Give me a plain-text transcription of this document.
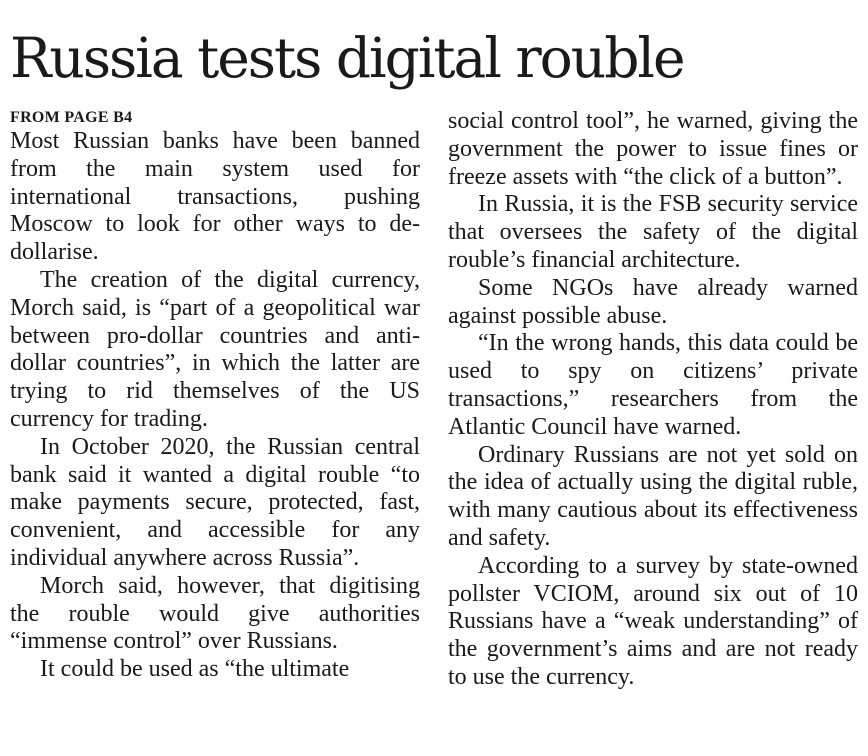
Russia tests digital rouble
FROM PAGE B4

Most Russian banks have been banned from the main system used for international transactions, pushing Moscow to look for other ways to de-dollarise.

The creation of the digital currency, Morch said, is “part of a geopolitical war between pro-dollar countries and anti-dollar countries”, in which the latter are trying to rid themselves of the US currency for trading.

In October 2020, the Russian central bank said it wanted a digital rouble “to make payments secure, protected, fast, convenient, and accessible for any individual anywhere across Russia”.

Morch said, however, that digitising the rouble would give authorities “immense control” over Russians.

It could be used as “the ultimate

social control tool”, he warned, giving the government the power to issue fines or freeze assets with “the click of a button”.

In Russia, it is the FSB security service that oversees the safety of the digital rouble’s financial architecture.

Some NGOs have already warned against possible abuse.

“In the wrong hands, this data could be used to spy on citizens’ private transactions,” researchers from the Atlantic Council have warned.

Ordinary Russians are not yet sold on the idea of actually using the digital ruble, with many cautious about its effectiveness and safety.

According to a survey by state-owned pollster VCIOM, around six out of 10 Russians have a “weak understanding” of the government’s aims and are not ready to use the currency.
